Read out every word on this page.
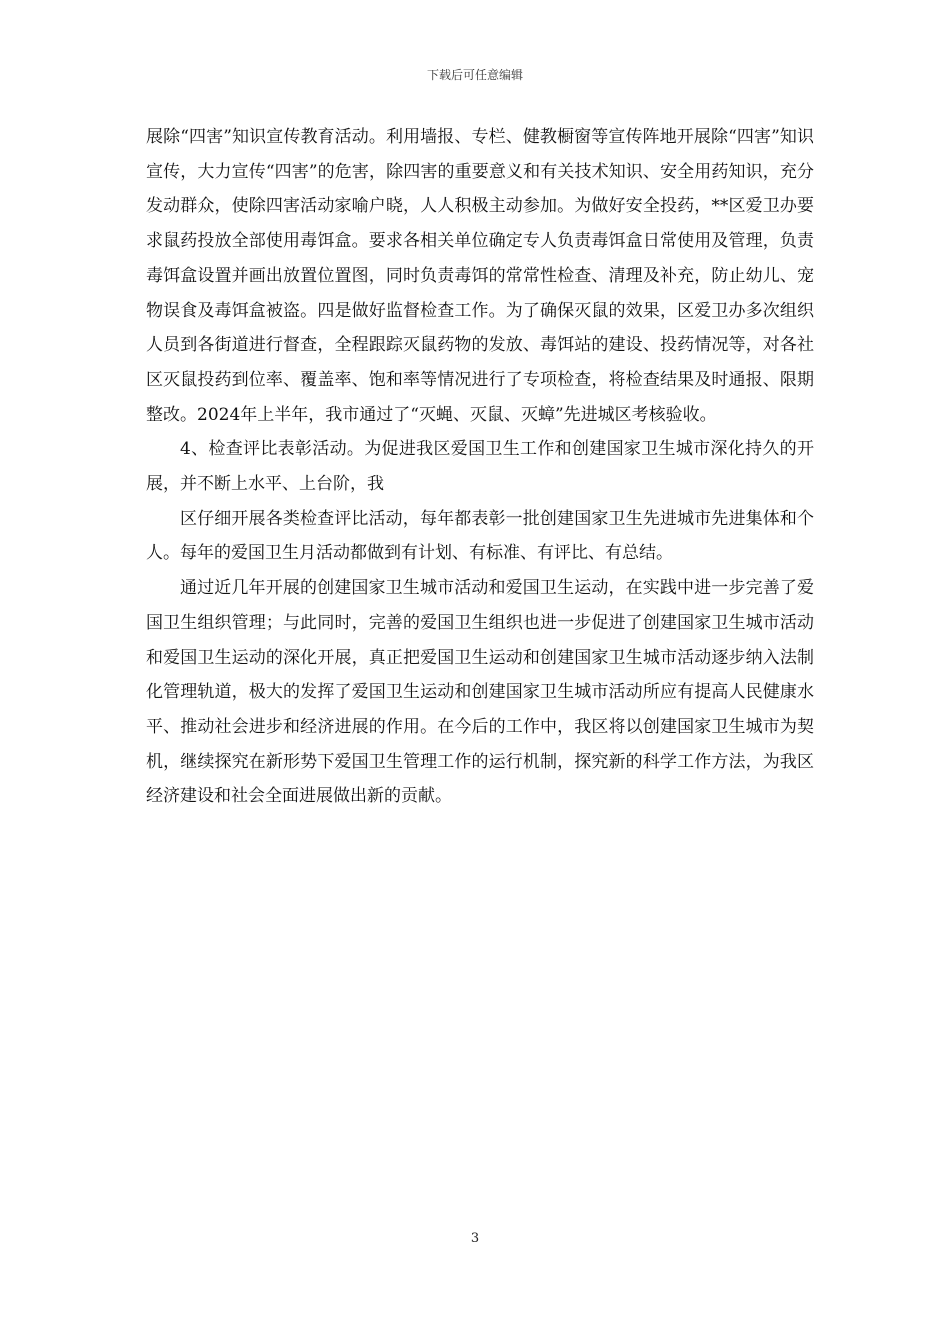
下载后可任意编辑

展除“四害”知识宣传教育活动。利用墙报、专栏、健教橱窗等宣传阵地开展除“四害”知识宣传，大力宣传“四害”的危害，除四害的重要意义和有关技术知识、安全用药知识，充分发动群众，使除四害活动家喻户晓，人人积极主动参加。为做好安全投药，**区爱卫办要求鼠药投放全部使用毒饵盒。要求各相关单位确定专人负责毒饵盒日常使用及管理，负责毒饵盒设置并画出放置位置图，同时负责毒饵的常常性检查、清理及补充，防止幼儿、宠物误食及毒饵盒被盗。四是做好监督检查工作。为了确保灭鼠的效果，区爱卫办多次组织人员到各街道进行督查，全程跟踪灭鼠药物的发放、毒饵站的建设、投药情况等，对各社区灭鼠投药到位率、覆盖率、饱和率等情况进行了专项检查，将检查结果及时通报、限期整改。2024年上半年，我市通过了“灭蝇、灭鼠、灭蟑”先进城区考核验收。

4、检查评比表彰活动。为促进我区爱国卫生工作和创建国家卫生城市深化持久的开展，并不断上水平、上台阶，我

区仔细开展各类检查评比活动，每年都表彰一批创建国家卫生先进城市先进集体和个人。每年的爱国卫生月活动都做到有计划、有标准、有评比、有总结。

通过近几年开展的创建国家卫生城市活动和爱国卫生运动，在实践中进一步完善了爱国卫生组织管理；与此同时，完善的爱国卫生组织也进一步促进了创建国家卫生城市活动和爱国卫生运动的深化开展，真正把爱国卫生运动和创建国家卫生城市活动逐步纳入法制化管理轨道，极大的发挥了爱国卫生运动和创建国家卫生城市活动所应有提高人民健康水平、推动社会进步和经济进展的作用。在今后的工作中，我区将以创建国家卫生城市为契机，继续探究在新形势下爱国卫生管理工作的运行机制，探究新的科学工作方法，为我区经济建设和社会全面进展做出新的贡献。

3
